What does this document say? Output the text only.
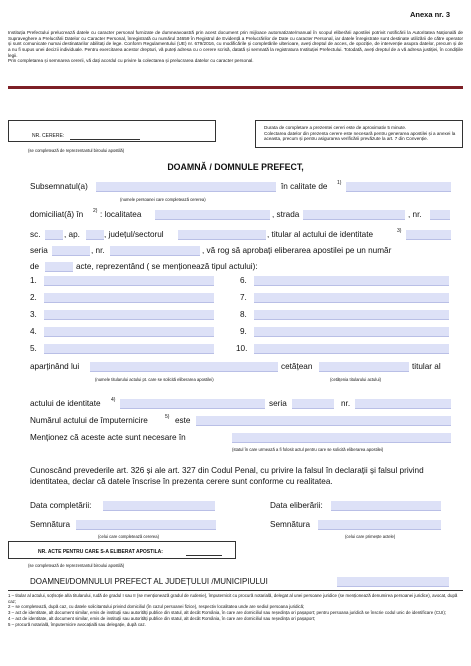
Anexa nr. 3

Instituția Prefectului prelucrează datele cu caracter personal furnizate de dumneavoastră prin acest document prin mijloace automatizate/manual în scopul eliberării apostilei potrivit notificării la Autoritatea Națională de Supraveghere a Prelucrării Datelor cu Caracter Personal, înregistrată cu numărul 34659 în Registrul de Evidență a Prelucrărilor de Date cu caracter Personal, iar datele înregistrate sunt destinate utilizării de către operator și sunt comunicate numai destinatarilor abilitați de lege. Conform Regulamentului (UE) nr. 679/2016, cu modificările și completările ulterioare, aveți dreptul de acces, de opoziție, de intervenție asupra datelor, precum și de a nu fi supus unei decizii individuale. Pentru exercitarea acestor drepturi, vă puteți adresa cu o cerere scrisă, datată și semnată la registratura Instituției Prefectului. Totodată, aveți dreptul de a vă adresa justiției, în condițiile legii.

Prin completarea și semnarea cererii, vă dați acordul cu privire la colectarea și prelucrarea datelor cu caracter personal.

NR. CERERE:
(se completează de reprezentantul biroului apostilă)
Durata de completare a prezentei cereri este de aproximativ 5 minute.
Colectarea datelor din prezenta cerere este necesară pentru generarea apostilei și a anexei la aceasta, precum și pentru asigurarea verificării prevăzute la art. 7 din Convenție.
DOAMNĂ / DOMNULE PREFECT,
Subsemnatul(a)	în calitate de 1)
(numele persoanei care completează cererea)
domiciliat(ă) în 2) : localitatea	, strada	, nr.
sc.	, ap.	, județul/sectorul	, titular al actului de identitate	3)
seria	, nr.	, vă rog să aprobați eliberarea apostilei pe un număr
de	acte, reprezentând ( se menționează tipul actului):
1.
2.
3.
4.
5.
6.
7.
8.
9.
10.
aparținând lui	cetățean	titular al
(numele titularului actului pt. care se solicită eliberarea apostilei)	(cetățenia titularului actului)
actului de identitate 4)	seria	nr.
Numărul actului de împuternicire	5) este
Menționez că aceste acte sunt necesare în
(statul în care urmează a fi folosit actul pentru care se solicită eliberarea apostilei)
Cunoscând prevederile art. 326 și ale art. 327 din Codul Penal, cu privire la falsul în declarații și falsul privind identitatea, declar că datele înscrise în prezenta cerere sunt conforme cu realitatea.
Data completării:	Data eliberării:
Semnătura	Semnătura
(celui care completează cererea)	(celui care primește actele)
NR. ACTE PENTRU CARE S-A ELIBERAT APOSTILA:
(se completează de reprezentantul biroului apostilă)
DOAMNEI/DOMNULUI PREFECT AL JUDEȚULUI /MUNICIPIULUI

1 – titular al actului, soț/soție al/a titularului, rudă de gradul I sau II (se menționează gradul de rudenie), împuternicit cu procură notarială, delegat al unei persoane juridice (se menționează denumirea persoanei juridice), avocat, după caz;

2 – se completează, după caz, cu datele solicitantului privind domiciliul (în cazul persoanei fizice), respectiv localitatea unde are sediul persoana juridică;

3 – act de identitate, alt document similar, emis de instituții sau autorități publice din statul, alt decât România, în care are domiciliul sau reședința ori pașaport; pentru persoana juridică se înscrie codul unic de identificare (CUI);

4 – act de identitate, alt document similar, emis de instituții sau autorități publice din statul, alt decât România, în care are domiciliul sau reședința ori pașaport;

5 – procură notarială, împuternicire avocațială sau delegație, după caz.
